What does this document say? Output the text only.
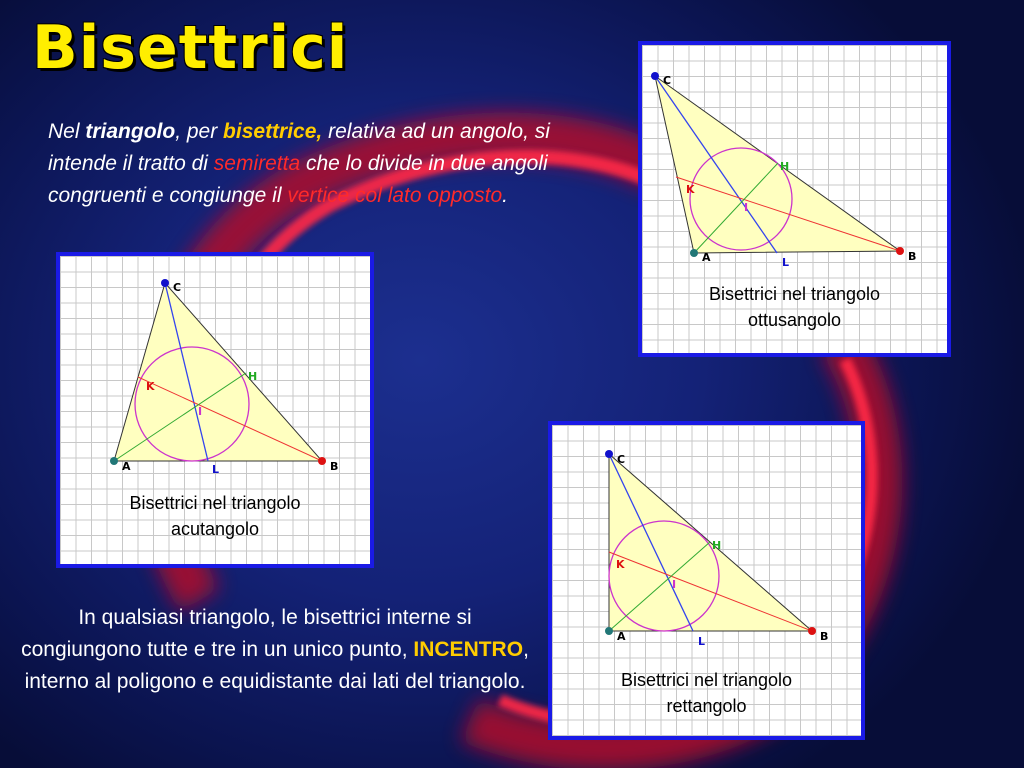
Bisettrici
Nel triangolo, per bisettrice, relativa ad un angolo, si intende il tratto di semiretta che lo divide in due angoli congruenti e congiunge il vertice col lato opposto.
A	B
C
H
K
I
L
Bisettrici nel triangolo
acutangolo
A	B
C
H
K
I
L
Bisettrici nel triangolo
ottusangolo
A	B
C
H
K
I
L
Bisettrici nel triangolo
rettangolo
In qualsiasi triangolo, le bisettrici interne si congiungono tutte e tre in un unico punto, INCENTRO, interno al poligono e equidistante dai lati del triangolo.
